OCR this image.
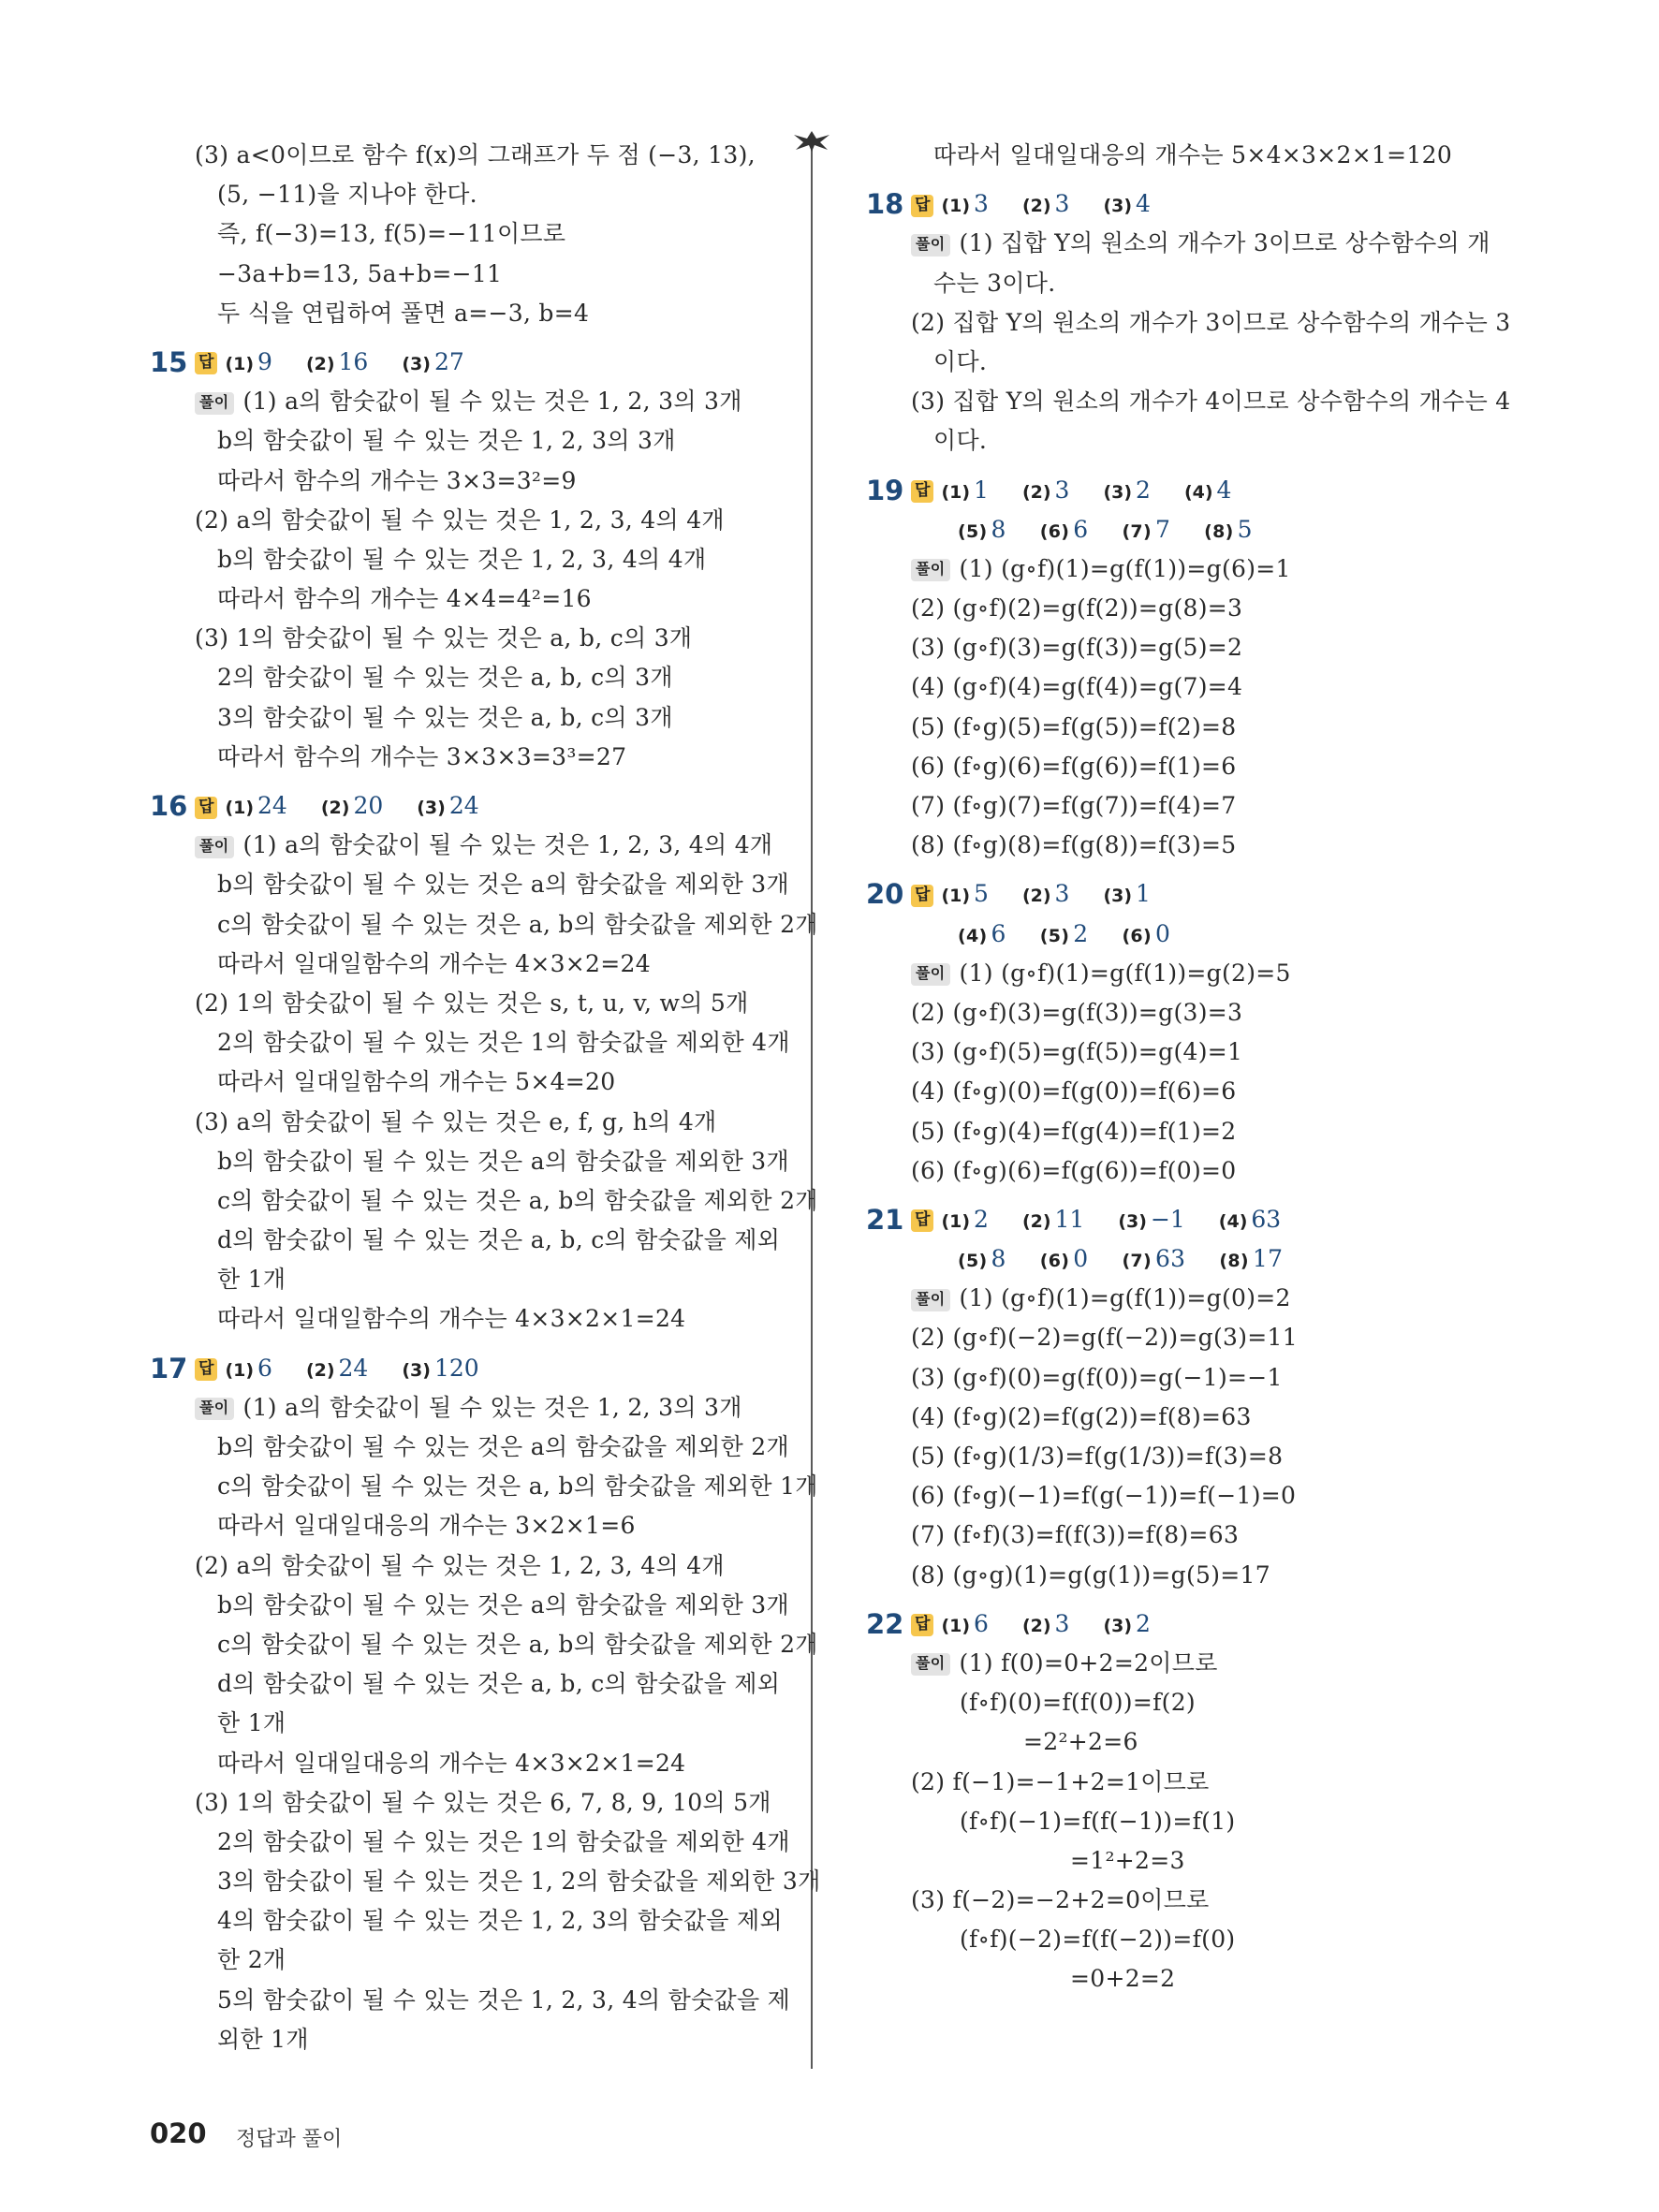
(3) a<0이므로 함수 f(x)의 그래프가 두 점 (−3, 13),
(5, −11)을 지나야 한다.
즉, f(−3)=13, f(5)=−11이므로
−3a+b=13, 5a+b=−11
두 식을 연립하여 풀면 a=−3, b=4
15 답 (1) 9 (2) 16 (3) 27
풀이 (1) a의 함숫값이 될 수 있는 것은 1, 2, 3의 3개
b의 함숫값이 될 수 있는 것은 1, 2, 3의 3개
따라서 함수의 개수는 3×3=3²=9
(2) a의 함숫값이 될 수 있는 것은 1, 2, 3, 4의 4개
b의 함숫값이 될 수 있는 것은 1, 2, 3, 4의 4개
따라서 함수의 개수는 4×4=4²=16
(3) 1의 함숫값이 될 수 있는 것은 a, b, c의 3개
2의 함숫값이 될 수 있는 것은 a, b, c의 3개
3의 함숫값이 될 수 있는 것은 a, b, c의 3개
따라서 함수의 개수는 3×3×3=3³=27
16 답 (1) 24 (2) 20 (3) 24
풀이 (1) a의 함숫값이 될 수 있는 것은 1, 2, 3, 4의 4개
b의 함숫값이 될 수 있는 것은 a의 함숫값을 제외한 3개
c의 함숫값이 될 수 있는 것은 a, b의 함숫값을 제외한 2개
따라서 일대일함수의 개수는 4×3×2=24
(2) 1의 함숫값이 될 수 있는 것은 s, t, u, v, w의 5개
2의 함숫값이 될 수 있는 것은 1의 함숫값을 제외한 4개
따라서 일대일함수의 개수는 5×4=20
(3) a의 함숫값이 될 수 있는 것은 e, f, g, h의 4개
b의 함숫값이 될 수 있는 것은 a의 함숫값을 제외한 3개
c의 함숫값이 될 수 있는 것은 a, b의 함숫값을 제외한 2개
d의 함숫값이 될 수 있는 것은 a, b, c의 함숫값을 제외
한 1개
따라서 일대일함수의 개수는 4×3×2×1=24
17 답 (1) 6 (2) 24 (3) 120
풀이 (1) a의 함숫값이 될 수 있는 것은 1, 2, 3의 3개
b의 함숫값이 될 수 있는 것은 a의 함숫값을 제외한 2개
c의 함숫값이 될 수 있는 것은 a, b의 함숫값을 제외한 1개
따라서 일대일대응의 개수는 3×2×1=6
(2) a의 함숫값이 될 수 있는 것은 1, 2, 3, 4의 4개
b의 함숫값이 될 수 있는 것은 a의 함숫값을 제외한 3개
c의 함숫값이 될 수 있는 것은 a, b의 함숫값을 제외한 2개
d의 함숫값이 될 수 있는 것은 a, b, c의 함숫값을 제외
한 1개
따라서 일대일대응의 개수는 4×3×2×1=24
(3) 1의 함숫값이 될 수 있는 것은 6, 7, 8, 9, 10의 5개
2의 함숫값이 될 수 있는 것은 1의 함숫값을 제외한 4개
3의 함숫값이 될 수 있는 것은 1, 2의 함숫값을 제외한 3개
4의 함숫값이 될 수 있는 것은 1, 2, 3의 함숫값을 제외
한 2개
5의 함숫값이 될 수 있는 것은 1, 2, 3, 4의 함숫값을 제
외한 1개
따라서 일대일대응의 개수는 5×4×3×2×1=120
18 답 (1) 3 (2) 3 (3) 4
풀이 (1) 집합 Y의 원소의 개수가 3이므로 상수함수의 개
수는 3이다.
(2) 집합 Y의 원소의 개수가 3이므로 상수함수의 개수는 3
이다.
(3) 집합 Y의 원소의 개수가 4이므로 상수함수의 개수는 4
이다.
19 답 (1) 1 (2) 3 (3) 2 (4) 4
(5) 8 (6) 6 (7) 7 (8) 5
풀이 (1) (g∘f)(1)=g(f(1))=g(6)=1
(2) (g∘f)(2)=g(f(2))=g(8)=3
(3) (g∘f)(3)=g(f(3))=g(5)=2
(4) (g∘f)(4)=g(f(4))=g(7)=4
(5) (f∘g)(5)=f(g(5))=f(2)=8
(6) (f∘g)(6)=f(g(6))=f(1)=6
(7) (f∘g)(7)=f(g(7))=f(4)=7
(8) (f∘g)(8)=f(g(8))=f(3)=5
20 답 (1) 5 (2) 3 (3) 1
(4) 6 (5) 2 (6) 0
풀이 (1) (g∘f)(1)=g(f(1))=g(2)=5
(2) (g∘f)(3)=g(f(3))=g(3)=3
(3) (g∘f)(5)=g(f(5))=g(4)=1
(4) (f∘g)(0)=f(g(0))=f(6)=6
(5) (f∘g)(4)=f(g(4))=f(1)=2
(6) (f∘g)(6)=f(g(6))=f(0)=0
21 답 (1) 2 (2) 11 (3) −1 (4) 63
(5) 8 (6) 0 (7) 63 (8) 17
풀이 (1) (g∘f)(1)=g(f(1))=g(0)=2
(2) (g∘f)(−2)=g(f(−2))=g(3)=11
(3) (g∘f)(0)=g(f(0))=g(−1)=−1
(4) (f∘g)(2)=f(g(2))=f(8)=63
(5) (f∘g)(1/3)=f(g(1/3))=f(3)=8
(6) (f∘g)(−1)=f(g(−1))=f(−1)=0
(7) (f∘f)(3)=f(f(3))=f(8)=63
(8) (g∘g)(1)=g(g(1))=g(5)=17
22 답 (1) 6 (2) 3 (3) 2
풀이 (1) f(0)=0+2=2이므로
(f∘f)(0)=f(f(0))=f(2)
=2²+2=6
(2) f(−1)=−1+2=1이므로
(f∘f)(−1)=f(f(−1))=f(1)
=1²+2=3
(3) f(−2)=−2+2=0이므로
(f∘f)(−2)=f(f(−2))=f(0)
=0+2=2
020 정답과 풀이
